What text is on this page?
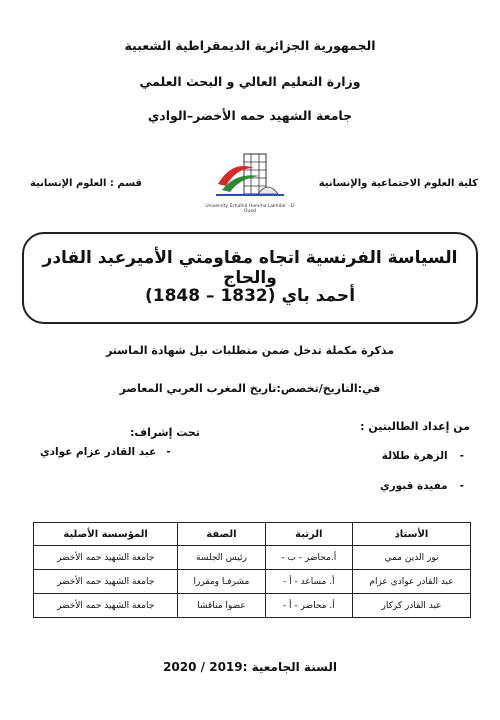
الجمهورية الجزائرية الديمقراطية الشعبية
وزارة التعليم العالي و البحث العلمي
جامعة الشهيد حمه الأخضر–الوادي
كلية العلوم الاجتماعية والإنسانية
قسم : العلوم الإنسانية
University Echahid Hamma Lakhdar - El Oued
السياسة الفرنسية اتجاه مقاومتي الأميرعبد القادر والحاج
أحمد باي (1832 – 1848)
مذكرة مكملة تدخل ضمن متطلبات نيل شهادة الماستر
في:التاريخ/تخصص:تاريخ المغرب العربي المعاصر
من إعداد الطالبتين :
تحت إشراف:
-الزهرة طلالة
-مفيدة قبوري
-عبد القادر عزام عوادي
الأستاذ	الرتبة	الصفة	المؤسسة الأصلية
نور الدين ممي	أ.محاضر - ب -	رئيس الجلسة	جامعة الشهيد حمه الأخضر
عبد القادر عوادي عزام	أ. مساعد - أ -	مشرفـا ومقررا	جامعة الشهيد حمه الأخضر
عبد القادر كركار	أ. محاضر - أ -	عضوا مناقشا	جامعة الشهيد حمه الأخضر
السنة الجامعية :2019 / 2020
